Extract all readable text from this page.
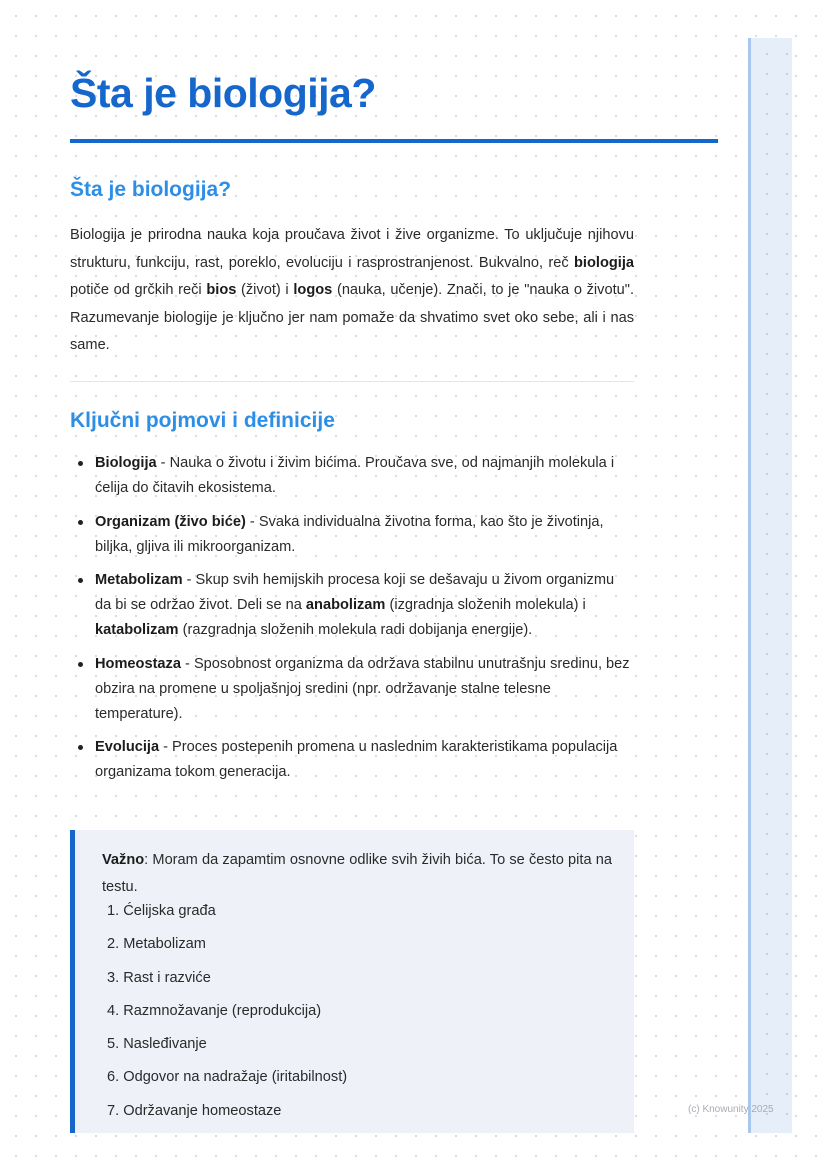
Šta je biologija?
Šta je biologija?

Biologija je prirodna nauka koja proučava život i žive organizme. To uključuje njihovu strukturu, funkciju, rast, poreklo, evoluciju i rasprostranjenost. Bukvalno, reč biologija potiče od grčkih reči bios (život) i logos (nauka, učenje). Znači, to je "nauka o životu". Razumevanje biologije je ključno jer nam pomaže da shvatimo svet oko sebe, ali i nas same.

Ključni pojmovi i definicije
Biologija - Nauka o životu i živim bićima. Proučava sve, od najmanjih molekula i ćelija do čitavih ekosistema.
Organizam (živo biće) - Svaka individualna životna forma, kao što je životinja, biljka, gljiva ili mikroorganizam.
Metabolizam - Skup svih hemijskih procesa koji se dešavaju u živom organizmu da bi se održao život. Deli se na anabolizam (izgradnja složenih molekula) i katabolizam (razgradnja složenih molekula radi dobijanja energije).
Homeostaza - Sposobnost organizma da održava stabilnu unutrašnju sredinu, bez obzira na promene u spoljašnjoj sredini (npr. održavanje stalne telesne temperature).
Evolucija - Proces postepenih promena u naslednim karakteristikama populacija organizama tokom generacija.

Važno: Moram da zapamtim osnovne odlike svih živih bića. To se često pita na testu.

1. Ćelijska građa
2. Metabolizam
3. Rast i razviće
4. Razmnožavanje (reprodukcija)
5. Nasleđivanje
6. Odgovor na nadražaje (iritabilnost)
7. Održavanje homeostaze	(c) Knowunity 2025
